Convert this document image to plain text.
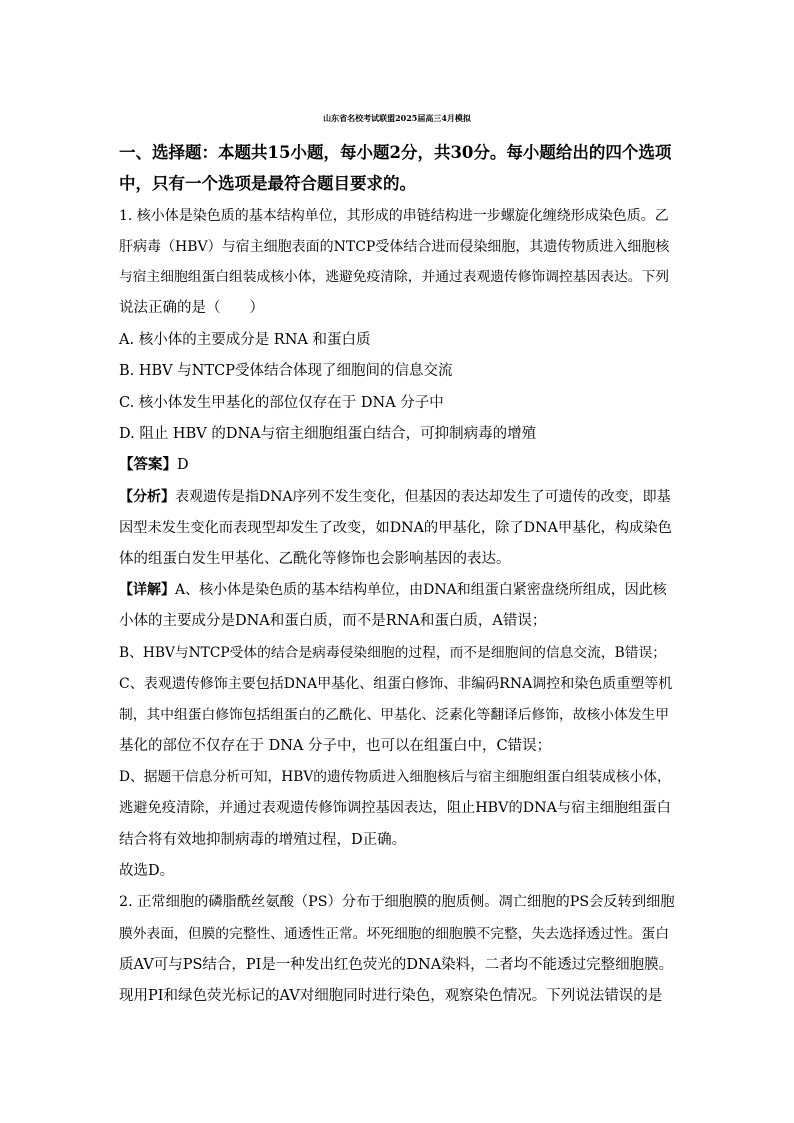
山东省名校考试联盟2025届高三4月模拟
一、选择题：本题共15小题，每小题2分，共30分。每小题给出的四个选项
中，只有一个选项是最符合题目要求的。
1. 核小体是染色质的基本结构单位，其形成的串链结构进一步螺旋化缠绕形成染色质。乙
肝病毒（HBV）与宿主细胞表面的NTCP受体结合进而侵染细胞，其遗传物质进入细胞核
与宿主细胞组蛋白组装成核小体，逃避免疫清除，并通过表观遗传修饰调控基因表达。下列
说法正确的是（　　）
A. 核小体的主要成分是 RNA 和蛋白质
B. HBV 与NTCP受体结合体现了细胞间的信息交流
C. 核小体发生甲基化的部位仅存在于 DNA 分子中
D. 阻止 HBV 的DNA与宿主细胞组蛋白结合，可抑制病毒的增殖
【答案】D
【分析】表观遗传是指DNA序列不发生变化，但基因的表达却发生了可遗传的改变，即基
因型未发生变化而表现型却发生了改变，如DNA的甲基化，除了DNA甲基化，构成染色
体的组蛋白发生甲基化、乙酰化等修饰也会影响基因的表达。
【详解】A、核小体是染色质的基本结构单位，由DNA和组蛋白紧密盘绕所组成，因此核
小体的主要成分是DNA和蛋白质，而不是RNA和蛋白质，A错误；
B、HBV与NTCP受体的结合是病毒侵染细胞的过程，而不是细胞间的信息交流，B错误；
C、表观遗传修饰主要包括DNA甲基化、组蛋白修饰、非编码RNA调控和染色质重塑等机
制，其中组蛋白修饰包括组蛋白的乙酰化、甲基化、泛素化等翻译后修饰，故核小体发生甲
基化的部位不仅存在于 DNA 分子中，也可以在组蛋白中，C错误；
D、据题干信息分析可知，HBV的遗传物质进入细胞核后与宿主细胞组蛋白组装成核小体，
逃避免疫清除，并通过表观遗传修饰调控基因表达，阻止HBV的DNA与宿主细胞组蛋白
结合将有效地抑制病毒的增殖过程，D正确。
故选D。
2. 正常细胞的磷脂酰丝氨酸（PS）分布于细胞膜的胞质侧。凋亡细胞的PS会反转到细胞
膜外表面，但膜的完整性、通透性正常。坏死细胞的细胞膜不完整，失去选择透过性。蛋白
质AV可与PS结合，PI是一种发出红色荧光的DNA染料，二者均不能透过完整细胞膜。
现用PI和绿色荧光标记的AV对细胞同时进行染色，观察染色情况。下列说法错误的是
